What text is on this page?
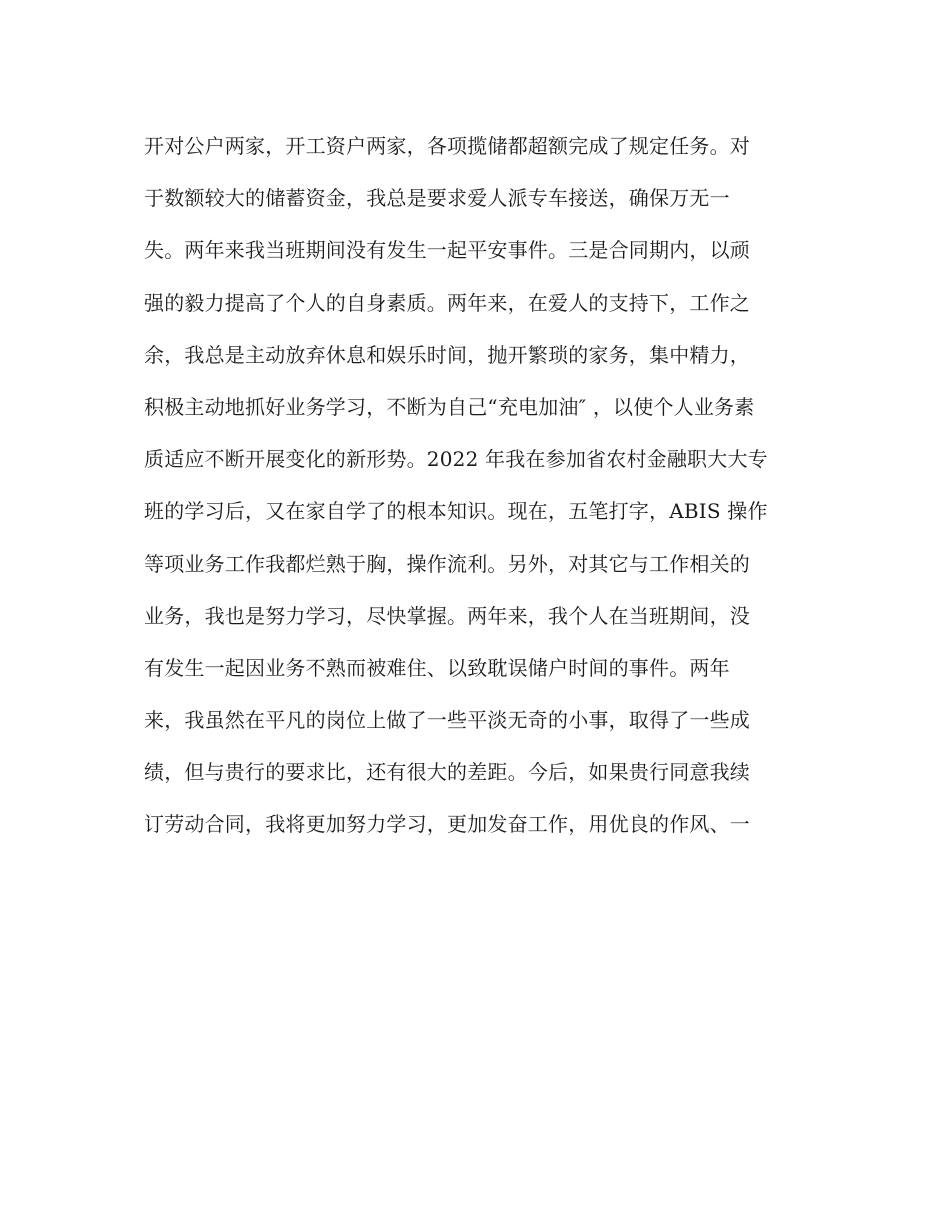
开对公户两家，开工资户两家，各项揽储都超额完成了规定任务。对
于数额较大的储蓄资金，我总是要求爱人派专车接送，确保万无一
失。两年来我当班期间没有发生一起平安事件。三是合同期内，以顽
强的毅力提高了个人的自身素质。两年来，在爱人的支持下，工作之
余，我总是主动放弃休息和娱乐时间，抛开繁琐的家务，集中精力，
积极主动地抓好业务学习，不断为自己“充电加油″ ，以使个人业务素
质适应不断开展变化的新形势。2022 年我在参加省农村金融职大大专
班的学习后，又在家自学了的根本知识。现在，五笔打字，ABIS 操作
等项业务工作我都烂熟于胸，操作流利。另外，对其它与工作相关的
业务，我也是努力学习，尽快掌握。两年来，我个人在当班期间，没
有发生一起因业务不熟而被难住、以致耽误储户时间的事件。两年
来，我虽然在平凡的岗位上做了一些平淡无奇的小事，取得了一些成
绩，但与贵行的要求比，还有很大的差距。今后，如果贵行同意我续
订劳动合同，我将更加努力学习，更加发奋工作，用优良的作风、一
